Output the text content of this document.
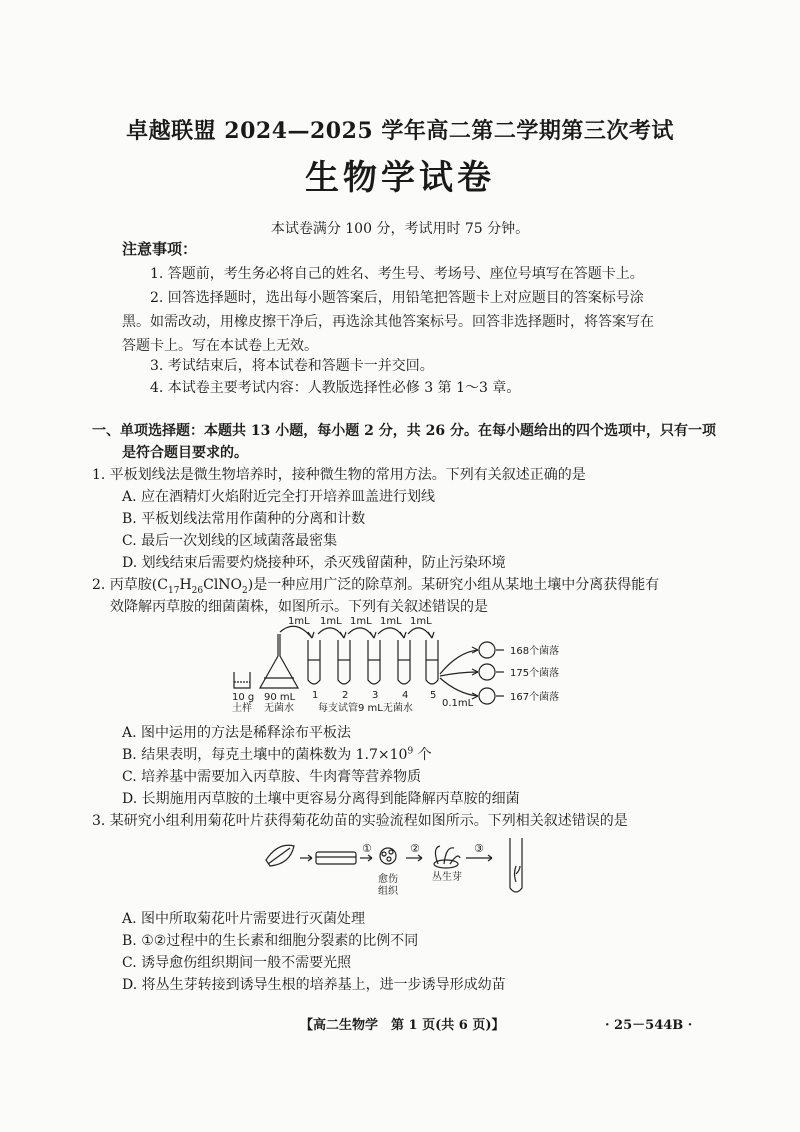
卓越联盟 2024—2025 学年高二第二学期第三次考试
生物学试卷
本试卷满分 100 分，考试用时 75 分钟。
注意事项：
1. 答题前，考生务必将自己的姓名、考生号、考场号、座位号填写在答题卡上。
2. 回答选择题时，选出每小题答案后，用铅笔把答题卡上对应题目的答案标号涂
黑。如需改动，用橡皮擦干净后，再选涂其他答案标号。回答非选择题时，将答案写在
答题卡上。写在本试卷上无效。
3. 考试结束后，将本试卷和答题卡一并交回。
4. 本试卷主要考试内容：人教版选择性必修 3 第 1～3 章。
一、单项选择题：本题共 13 小题，每小题 2 分，共 26 分。在每小题给出的四个选项中，只有一项
是符合题目要求的。
1. 平板划线法是微生物培养时，接种微生物的常用方法。下列有关叙述正确的是
A. 应在酒精灯火焰附近完全打开培养皿盖进行划线
B. 平板划线法常用作菌种的分离和计数
C. 最后一次划线的区域菌落最密集
D. 划线结束后需要灼烧接种环，杀灭残留菌种，防止污染环境
2. 丙草胺$(C_{17}H_{26}ClNO_2)$是一种应用广泛的除草剂。某研究小组从某地土壤中分离获得能有
效降解丙草胺的细菌菌株，如图所示。下列有关叙述错误的是
1mL 1mL 1mL 1mL 1mL
168个菌落
175个菌落
167个菌落
1 2 3 4 5
10 g
土样
90 mL
无菌水 每支试管9 mL无菌水	0.1mL
A. 图中运用的方法是稀释涂布平板法
B. 结果表明，每克土壤中的菌株数为 $1.7\times 10^9$ 个
C. 培养基中需要加入丙草胺、牛肉膏等营养物质
D. 长期施用丙草胺的土壤中更容易分离得到能降解丙草胺的细菌
3. 某研究小组利用菊花叶片获得菊花幼苗的实验流程如图所示。下列相关叙述错误的是
①	②	③
愈伤
组织
丛生芽
A. 图中所取菊花叶片需要进行灭菌处理
B. ①②过程中的生长素和细胞分裂素的比例不同
C. 诱导愈伤组织期间一般不需要光照
D. 将丛生芽转接到诱导生根的培养基上，进一步诱导形成幼苗
【高二生物学　第 1 页(共 6 页)】	· 25－544B ·
